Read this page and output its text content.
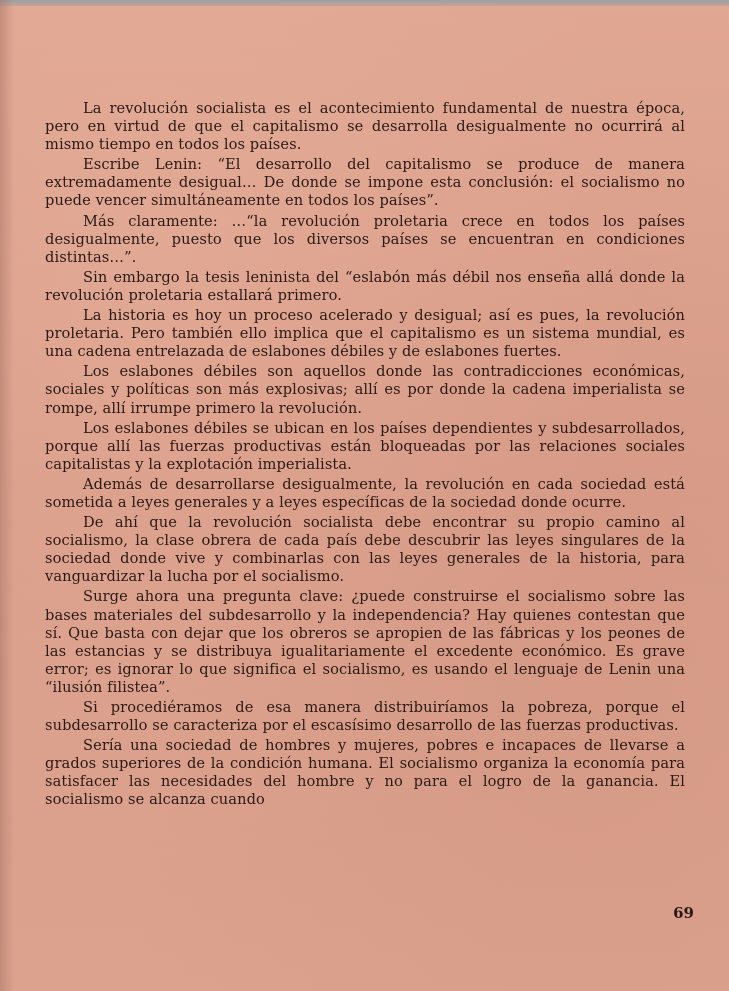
La revolución socialista es el acontecimiento fundamental de nuestra época, pero en virtud de que el capitalismo se desarrolla desigualmente no ocurrirá al mismo tiempo en todos los países.

Escribe Lenin: “El desarrollo del capitalismo se produce de manera extremadamente desigual… De donde se impone esta conclusión: el socialismo no puede vencer simultáneamente en todos los países”.

Más claramente: …“la revolución proletaria crece en todos los países desigualmente, puesto que los diversos países se encuentran en condiciones distintas…”.

Sin embargo la tesis leninista del “eslabón más débil nos enseña allá donde la revolución proletaria estallará primero.

La historia es hoy un proceso acelerado y desigual; así es pues, la revolución proletaria. Pero también ello implica que el capitalismo es un sistema mundial, es una cadena entrelazada de eslabones débiles y de eslabones fuertes.

Los eslabones débiles son aquellos donde las contradicciones económicas, sociales y políticas son más explosivas; allí es por donde la cadena imperialista se rompe, allí irrumpe primero la revolución.

Los eslabones débiles se ubican en los países dependientes y subdesarrollados, porque allí las fuerzas productivas están bloqueadas por las relaciones sociales capitalistas y la explotación imperialista.

Además de desarrollarse desigualmente, la revolución en cada sociedad está sometida a leyes generales y a leyes específicas de la sociedad donde ocurre.

De ahí que la revolución socialista debe encontrar su propio camino al socialismo, la clase obrera de cada país debe descubrir las leyes singulares de la sociedad donde vive y combinarlas con las leyes generales de la historia, para vanguardizar la lucha por el socialismo.

Surge ahora una pregunta clave: ¿puede construirse el socialismo sobre las bases materiales del subdesarrollo y la independencia? Hay quienes contestan que sí. Que basta con dejar que los obreros se apropien de las fábricas y los peones de las estancias y se distribuya igualitariamente el excedente económico. Es grave error; es ignorar lo que significa el socialismo, es usando el lenguaje de Lenin una “ilusión filistea”.

Si procediéramos de esa manera distribuiríamos la pobreza, porque el subdesarrollo se caracteriza por el escasísimo desarrollo de las fuerzas productivas.

Sería una sociedad de hombres y mujeres, pobres e incapaces de llevarse a grados superiores de la condición humana. El socialismo organiza la economía para satisfacer las necesidades del hombre y no para el logro de la ganancia. El socialismo se alcanza cuando

69
